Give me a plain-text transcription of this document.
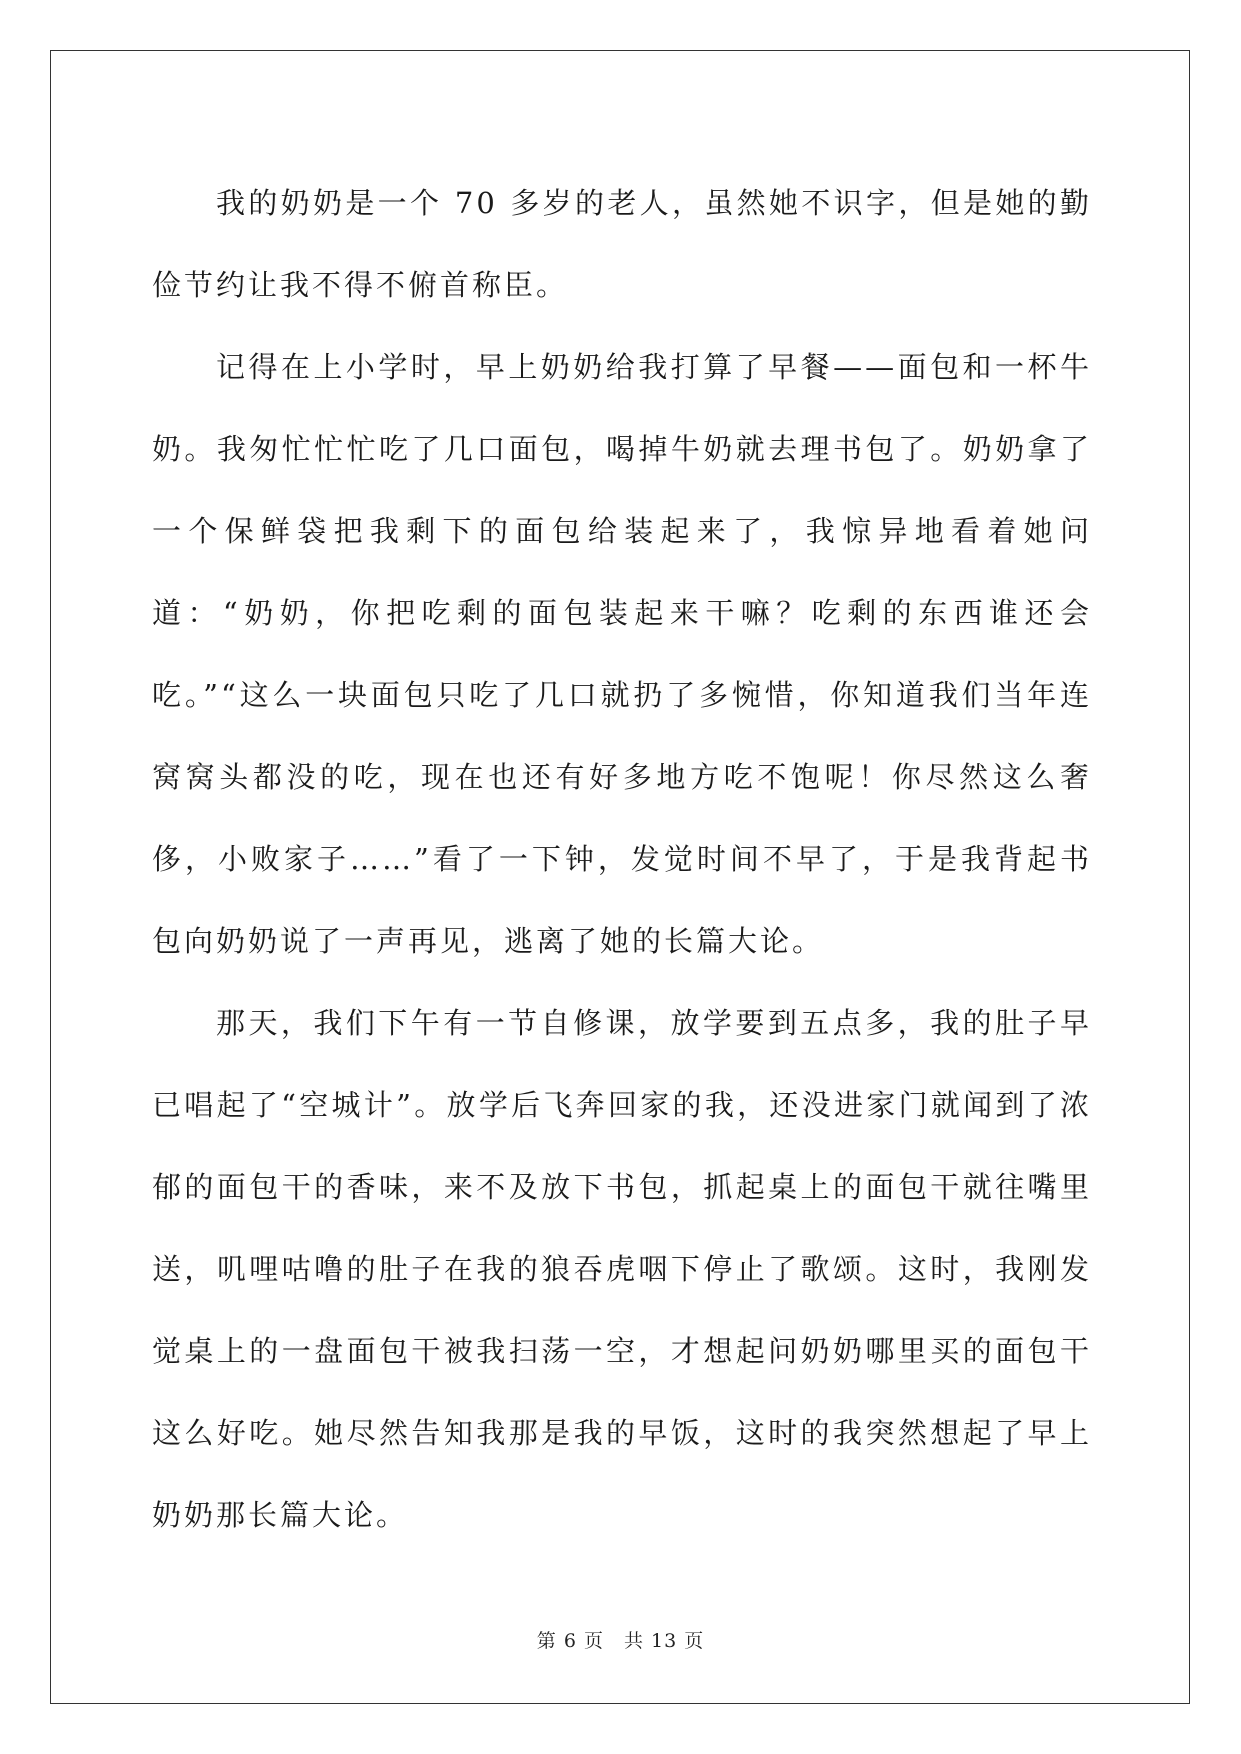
我的奶奶是一个 70 多岁的老人，虽然她不识字，但是她的勤俭节约让我不得不俯首称臣。

记得在上小学时，早上奶奶给我打算了早餐——面包和一杯牛奶。我匆忙忙忙吃了几口面包，喝掉牛奶就去理书包了。奶奶拿了一个保鲜袋把我剩下的面包给装起来了，我惊异地看着她问道：“奶奶，你把吃剩的面包装起来干嘛？吃剩的东西谁还会吃。”“这么一块面包只吃了几口就扔了多惋惜，你知道我们当年连窝窝头都没的吃，现在也还有好多地方吃不饱呢！你尽然这么奢侈，小败家子……”看了一下钟，发觉时间不早了，于是我背起书包向奶奶说了一声再见，逃离了她的长篇大论。

那天，我们下午有一节自修课，放学要到五点多，我的肚子早已唱起了“空城计”。放学后飞奔回家的我，还没进家门就闻到了浓郁的面包干的香味，来不及放下书包，抓起桌上的面包干就往嘴里送，叽哩咕噜的肚子在我的狼吞虎咽下停止了歌颂。这时，我刚发觉桌上的一盘面包干被我扫荡一空，才想起问奶奶哪里买的面包干这么好吃。她尽然告知我那是我的早饭，这时的我突然想起了早上奶奶那长篇大论。

第 6 页　共 13 页
